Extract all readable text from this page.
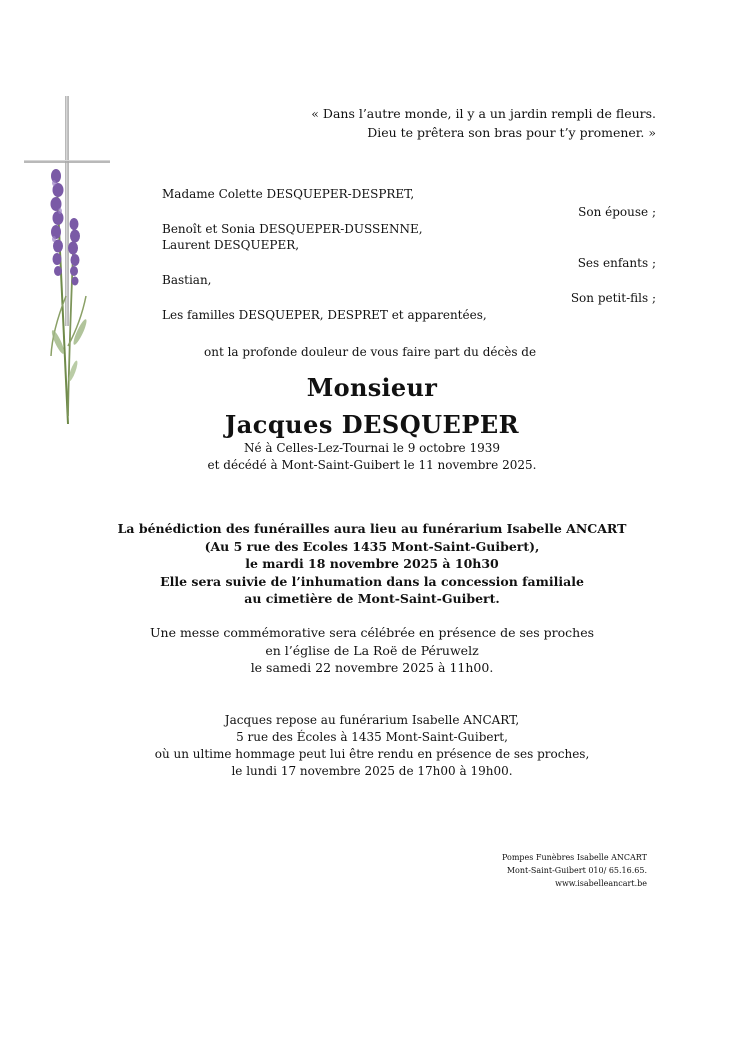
« Dans l’autre monde, il y a un jardin rempli de fleurs.
Dieu te prêtera son bras pour t’y promener. »
Madame Colette DESQUEPER-DESPRET,
Son épouse ;
Benoît et Sonia DESQUEPER-DUSSENNE,
Laurent DESQUEPER,
Ses enfants ;
Bastian,
Son petit-fils ;
Les familles DESQUEPER, DESPRET et apparentées,
ont la profonde douleur de vous faire part du décès de
Monsieur
Jacques DESQUEPER
Né à Celles-Lez-Tournai le 9 octobre 1939
et décédé à Mont-Saint-Guibert le 11 novembre 2025.
La bénédiction des funérailles aura lieu au funérarium Isabelle ANCART
(Au 5 rue des Ecoles 1435 Mont-Saint-Guibert),
le mardi 18 novembre 2025 à 10h30
Elle sera suivie de l’inhumation dans la concession familiale
au cimetière de Mont-Saint-Guibert.
Une messe commémorative sera célébrée en présence de ses proches
en l’église de La Roë de Péruwelz
le samedi 22 novembre 2025 à 11h00.
Jacques repose au funérarium Isabelle ANCART,
5 rue des Écoles à 1435 Mont-Saint-Guibert,
où un ultime hommage peut lui être rendu en présence de ses proches,
le lundi 17 novembre 2025 de 17h00 à 19h00.
Pompes Funèbres Isabelle ANCART
Mont-Saint-Guibert 010/ 65.16.65.
www.isabelleancart.be
